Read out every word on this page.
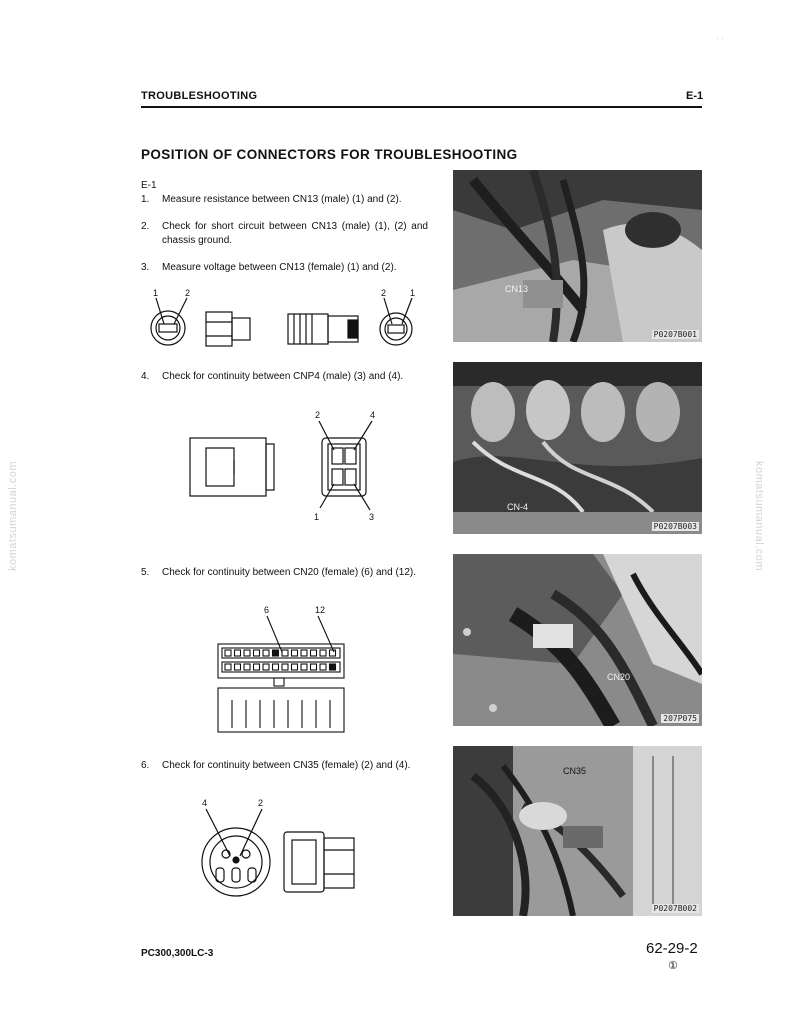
· ·
komatsumanual.com	komatsumanual.com
TROUBLESHOOTING	E-1
POSITION OF CONNECTORS FOR TROUBLESHOOTING
E-1
1. Measure resistance between CN13 (male) (1) and (2).
2. Check for short circuit between CN13 (male) (1), (2) and chassis ground.
3. Measure voltage between CN13 (female) (1) and (2).
4. Check for continuity between CNP4 (male) (3) and (4).
5. Check for continuity between CN20 (female) (6) and (12).
6. Check for continuity between CN35 (female) (2) and (4).
1	2	2	1
2	4
1	3
6	12
4	2
CN13
P0207B001
CN-4
P0207B003
CN20
207P075
CN35
P0207B002
PC300,300LC-3	62-29-2
①
